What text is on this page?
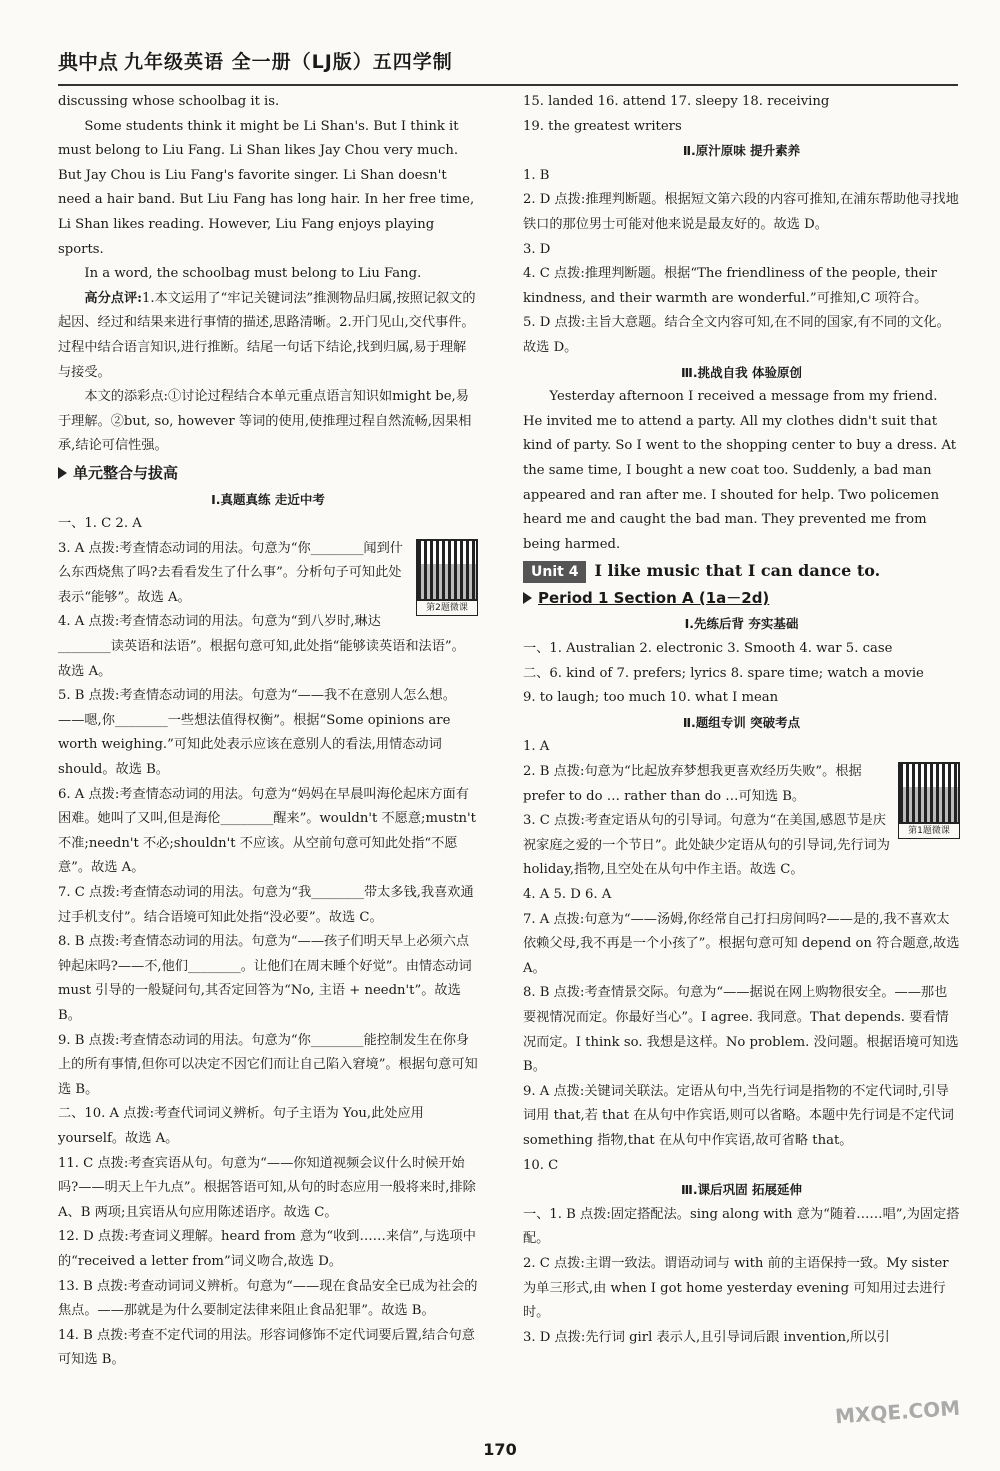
典中点 九年级英语 全一册（LJ版）五四学制

discussing whose schoolbag it is.

Some students think it might be Li Shan's. But I think it must belong to Liu Fang. Li Shan likes Jay Chou very much. But Jay Chou is Liu Fang's favorite singer. Li Shan doesn't need a hair band. But Liu Fang has long hair. In her free time, Li Shan likes reading. However, Liu Fang enjoys playing sports.

In a word, the schoolbag must belong to Liu Fang.

高分点评:1.本文运用了“牢记关键词法”推测物品归属,按照记叙文的起因、经过和结果来进行事情的描述,思路清晰。2.开门见山,交代事件。过程中结合语言知识,进行推断。结尾一句话下结论,找到归属,易于理解与接受。

本文的添彩点:①讨论过程结合本单元重点语言知识如might be,易于理解。②but, so, however 等词的使用,使推理过程自然流畅,因果相承,结论可信性强。

单元整合与拔高
Ⅰ.真题真练 走近中考

一、1. C 2. A

第2题微课

3. A 点拨:考查情态动词的用法。句意为“你________闻到什么东西烧焦了吗?去看看发生了什么事”。分析句子可知此处表示“能够”。故选 A。

4. A 点拨:考查情态动词的用法。句意为“到八岁时,琳达________读英语和法语”。根据句意可知,此处指“能够读英语和法语”。故选 A。

5. B 点拨:考查情态动词的用法。句意为“——我不在意别人怎么想。——嗯,你________一些想法值得权衡”。根据“Some opinions are worth weighing.”可知此处表示应该在意别人的看法,用情态动词 should。故选 B。

6. A 点拨:考查情态动词的用法。句意为“妈妈在早晨叫海伦起床方面有困难。她叫了又叫,但是海伦________醒来”。wouldn't 不愿意;mustn't 不准;needn't 不必;shouldn't 不应该。从空前句意可知此处指“不愿意”。故选 A。

7. C 点拨:考查情态动词的用法。句意为“我________带太多钱,我喜欢通过手机支付”。结合语境可知此处指“没必要”。故选 C。

8. B 点拨:考查情态动词的用法。句意为“——孩子们明天早上必须六点钟起床吗?——不,他们________。让他们在周末睡个好觉”。由情态动词 must 引导的一般疑问句,其否定回答为“No, 主语 + needn't”。故选 B。

9. B 点拨:考查情态动词的用法。句意为“你________能控制发生在你身上的所有事情,但你可以决定不因它们而让自己陷入窘境”。根据句意可知选 B。

二、10. A 点拨:考查代词词义辨析。句子主语为 You,此处应用 yourself。故选 A。

11. C 点拨:考查宾语从句。句意为“——你知道视频会议什么时候开始吗?——明天上午九点”。根据答语可知,从句的时态应用一般将来时,排除 A、B 两项;且宾语从句应用陈述语序。故选 C。

12. D 点拨:考查词义理解。heard from 意为“收到……来信”,与选项中的“received a letter from”词义吻合,故选 D。

13. B 点拨:考查动词词义辨析。句意为“——现在食品安全已成为社会的焦点。——那就是为什么要制定法律来阻止食品犯罪”。故选 B。

14. B 点拨:考查不定代词的用法。形容词修饰不定代词要后置,结合句意可知选 B。

15. landed 16. attend 17. sleepy 18. receiving

19. the greatest writers

Ⅱ.原汁原味 提升素养

1. B

2. D 点拨:推理判断题。根据短文第六段的内容可推知,在浦东帮助他寻找地铁口的那位男士可能对他来说是最友好的。故选 D。

3. D

4. C 点拨:推理判断题。根据“The friendliness of the people, their kindness, and their warmth are wonderful.”可推知,C 项符合。

5. D 点拨:主旨大意题。结合全文内容可知,在不同的国家,有不同的文化。故选 D。

Ⅲ.挑战自我 体验原创

Yesterday afternoon I received a message from my friend. He invited me to attend a party. All my clothes didn't suit that kind of party. So I went to the shopping center to buy a dress. At the same time, I bought a new coat too. Suddenly, a bad man appeared and ran after me. I shouted for help. Two policemen heard me and caught the bad man. They prevented me from being harmed.

Unit 4	I like music that I can dance to.
Period 1 Section A (1a－2d)
Ⅰ.先练后背 夯实基础

一、1. Australian 2. electronic 3. Smooth 4. war 5. case

二、6. kind of 7. prefers; lyrics 8. spare time; watch a movie

9. to laugh; too much 10. what I mean

Ⅱ.题组专训 突破考点

1. A

第1题微课

2. B 点拨:句意为“比起放弃梦想我更喜欢经历失败”。根据 prefer to do … rather than do …可知选 B。

3. C 点拨:考查定语从句的引导词。句意为“在美国,感恩节是庆祝家庭之爱的一个节日”。此处缺少定语从句的引导词,先行词为 holiday,指物,且空处在从句中作主语。故选 C。

4. A 5. D 6. A

7. A 点拨:句意为“——汤姆,你经常自己打扫房间吗?——是的,我不喜欢太依赖父母,我不再是一个小孩了”。根据句意可知 depend on 符合题意,故选 A。

8. B 点拨:考查情景交际。句意为“——据说在网上购物很安全。——那也要视情况而定。你最好当心”。I agree. 我同意。That depends. 要看情况而定。I think so. 我想是这样。No problem. 没问题。根据语境可知选 B。

9. A 点拨:关键词关联法。定语从句中,当先行词是指物的不定代词时,引导词用 that,若 that 在从句中作宾语,则可以省略。本题中先行词是不定代词 something 指物,that 在从句中作宾语,故可省略 that。

10. C

Ⅲ.课后巩固 拓展延伸

一、1. B 点拨:固定搭配法。sing along with 意为“随着……唱”,为固定搭配。

2. C 点拨:主谓一致法。谓语动词与 with 前的主语保持一致。My sister 为单三形式,由 when I got home yesterday evening 可知用过去进行时。

3. D 点拨:先行词 girl 表示人,且引导词后跟 invention,所以引

170
MXQE.COM
